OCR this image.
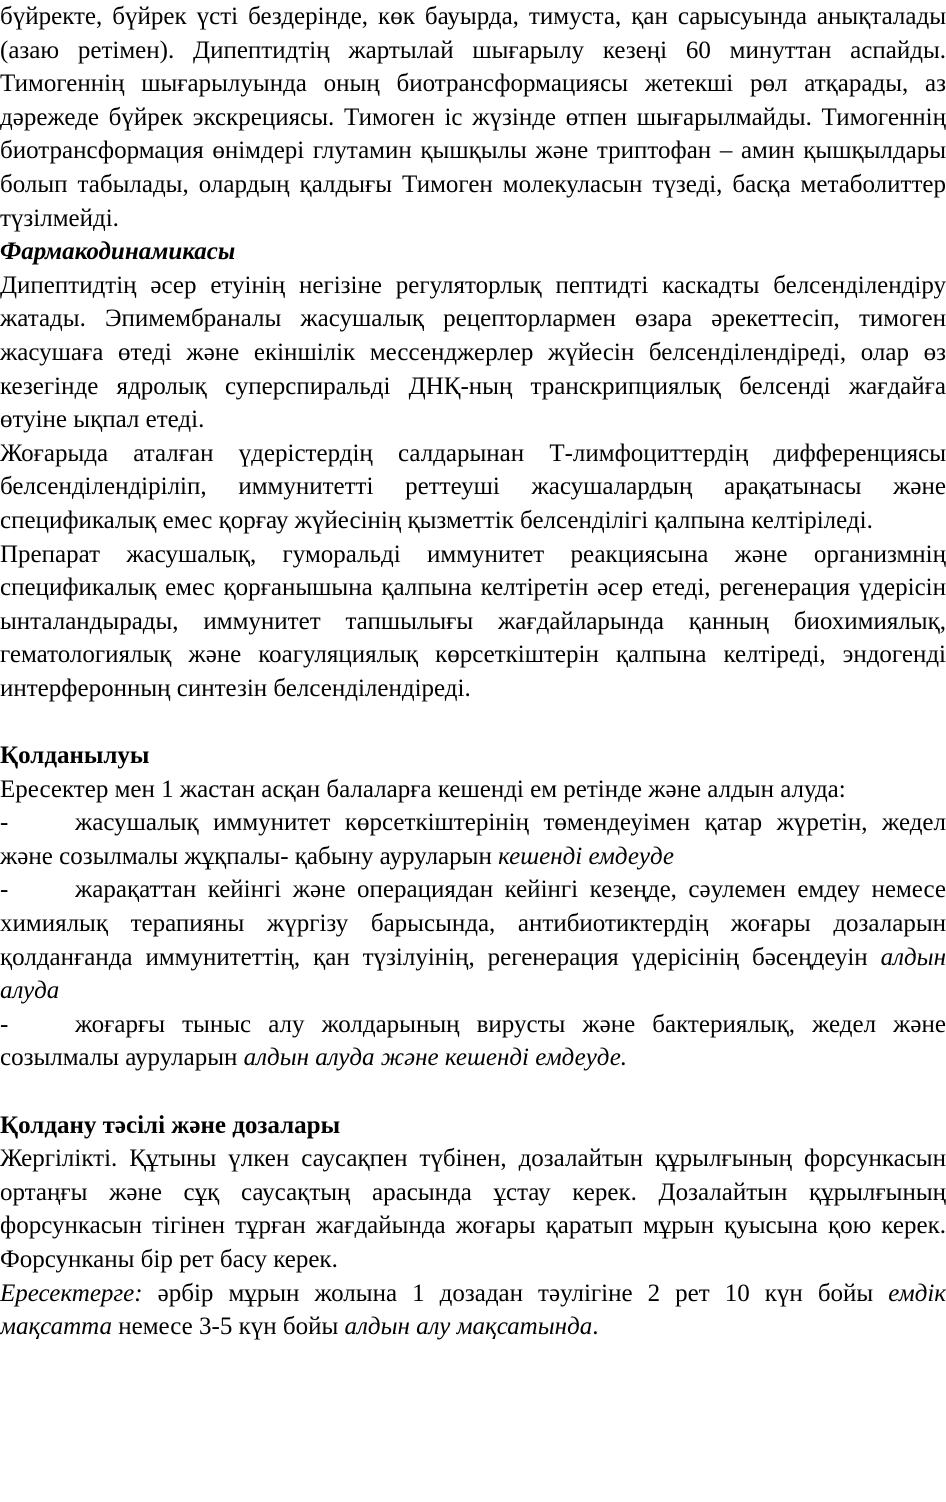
бүйректе, бүйрек үсті бездерінде, көк бауырда, тимуста, қан сарысуында анықталады (азаю ретімен). Дипептидтің жартылай шығарылу кезеңі 60 минуттан аспайды. Тимогеннің шығарылуында оның биотрансформациясы жетекші рөл атқарады, аз дәрежеде бүйрек экскрециясы. Тимоген іс жүзінде өтпен шығарылмайды. Тимогеннің биотрансформация өнімдері глутамин қышқылы және триптофан – амин қышқылдары болып табылады, олардың қалдығы Тимоген молекуласын түзеді, басқа метаболиттер түзілмейді.

Фармакодинамикасы

Дипептидтің әсер етуінің негізіне регуляторлық пептидті каскадты белсенділендіру жатады. Эпимембраналы жасушалық рецепторлармен өзара әрекеттесіп, тимоген жасушаға өтеді және екіншілік мессенджерлер жүйесін белсенділендіреді, олар өз кезегінде ядролық суперспиральді ДНҚ-ның транскрипциялық белсенді жағдайға өтуіне ықпал етеді.

Жоғарыда аталған үдерістердің салдарынан Т-лимфоциттердің дифференциясы белсенділендіріліп, иммунитетті реттеуші жасушалардың арақатынасы және спецификалық емес қорғау жүйесінің қызметтік белсенділігі қалпына келтіріледі.

Препарат жасушалық, гуморальді иммунитет реакциясына және организмнің спецификалық емес қорғанышына қалпына келтіретін әсер етеді, регенерация үдерісін ынталандырады, иммунитет тапшылығы жағдайларында қанның биохимиялық, гематологиялық және коагуляциялық көрсеткіштерін қалпына келтіреді, эндогенді интерферонның синтезін белсенділендіреді.

Қолданылуы

Ересектер мен 1 жастан асқан балаларға кешенді ем ретінде және алдын алуда:

-	жасушалық иммунитет көрсеткіштерінің төмендеуімен қатар жүретін, жедел және созылмалы жұқпалы- қабыну ауруларын кешенді емдеуде

-	жарақаттан кейінгі және операциядан кейінгі кезеңде, сәулемен емдеу немесе химиялық терапияны жүргізу барысында, антибиотиктердің жоғары дозаларын қолданғанда иммунитеттің, қан түзілуінің, регенерация үдерісінің бәсеңдеуін алдын алуда

-	жоғарғы тыныс алу жолдарының вирусты және бактериялық, жедел және созылмалы ауруларын алдын алуда және кешенді емдеуде.

Қолдану тәсілі және дозалары

Жергілікті. Құтыны үлкен саусақпен түбінен, дозалайтын құрылғының форсункасын ортаңғы және сұқ саусақтың арасында ұстау керек. Дозалайтын құрылғының форсункасын тігінен тұрған жағдайында жоғары қаратып мұрын қуысына қою керек. Форсунканы бір рет басу керек.

Ересектерге: әрбір мұрын жолына 1 дозадан тәулігіне 2 рет 10 күн бойы емдік мақсатта немесе 3-5 күн бойы алдын алу мақсатында.
